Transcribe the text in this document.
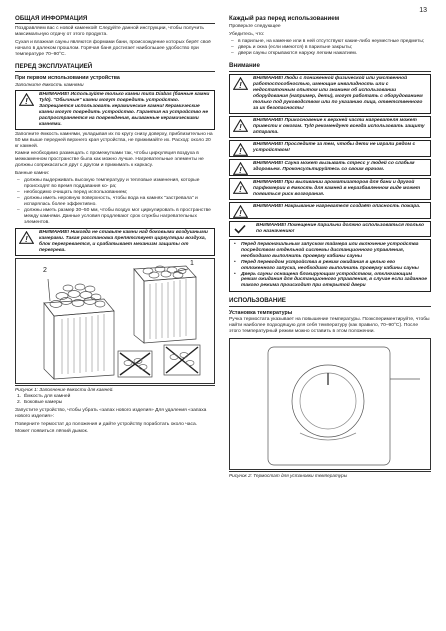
13
ОБЩАЯ ИНФОРМАЦИЯ

Поздравляем вас с новой каменкой! Следуйте данной инструкции, чтобы получить максимальную отдачу от этого продукта.

Сухая и влажная сауны являются формами бани, происхождение которых берёт своё начало в далеком прошлом. Горячая баня достигает наибольшее удобоство при температуре 70–90°C.

ПЕРЕД ЭКСПЛУАТАЦИЕЙ
При первом использовании устройства

Заполните ёмкость камнями

!
ВНИМАНИЕ! Используйте только камни типа Diabas (банные камни Tylö). "Обычные" камни могут повредить устройство. Запрещается использовать керамические камни! Керамические камни могут повредить устройство. Гарантия на устройство не распространяется на повреждения, вызванные керамическими камнями.

Заполните ёмкость камнями, укладывая их по кругу снизу доверху, приблизительно на 50 мм выше передней верхнего края устройства, не прижимайте их. Расход: около 20 кг камней.

Камни необходимо размещать с промежутками так, чтобы циркуляция воздуха в межкаменном пространстве была как можно лучше. Нагревательные элементы не должны соприкасаться друг с другом и прижимать к каркасу.

Банные камни:

– должны выдерживать высокую температуру и тепловые изменения, которые происходят во время поддавания ко- ра;
– необходимо очищать перед использованием;
– должны иметь неровную поверхность, чтобы вода на камнях "застревала" и испарялась более эффективно.
– должны иметь размер 30–50 мм, чтобы воздух мог циркулировать в пространстве между камнями. Данные условия продлевают срок службы нагревательных элементов.
!
ВНИМАНИЕ! Никогда не ставьте камни над боковыми воздушными камерами. Такая расстановка препятствует циркуляции воздуха, блок перегревается, и срабатывает механизм защиты от перегрева.
2
1
Рисунок 1: Заполнение ёмкости для камней.
1. Ёмкость для камней
2. Боковые камеры

Запустите устройство, чтобы убрать «запах нового изделия» Для удаления «запаха нового изделия»:

Поверните термостат до положения и дайте устройству поработать около часа.

Может появиться лёгкий дымок.

Каждый раз перед использованием

Проверьте следующее

Убедитесь, что:

– в парильне, на каменке или в ней отсутствуют какие-либо неуместные предметы;
– дверь и окна (если имеются) в парильне закрыты;
– двери сауны открываются наружу легким нажатием.
Внимание
!
ВНИМАНИЕ! Люди с пониженной физической или умственной работоспособностью, имеющие инвалидность или с недостаточным опытом или знанием об использовании оборудования (например, дети), могут работать с оборудованием только под руководством или по указанию лица, ответственного за их безопасность!
!
ВНИМАНИЕ! Прикосновение к верхней части нагревателя может привести к ожогам. Tylö рекомендует всегда использовать защиту аппарата.
!
ВНИМАНИЕ! Проследите за тем, чтобы дети не играли рядом с устройством!
!
ВНИМАНИЕ! Сауна может вызывать стресс у людей со слабым здоровьем. Проконсультируйтесь со своим врачом.
!
ВНИМАНИЕ! При выливании ароматизаторов для бани и другой парфюмерии в ёмкость для камней в неразбавленном виде может появиться риск возгорания.
!
ВНИМАНИЕ! Накрывание нагревателя создаёт опасность пожара.
ВНИМАНИЕ! Помещение парильни должно использоваться только по назначению!
• Перед первоначальным запуском таймера или включение устройства посредством отдельной системы дистанционного управления, необходимо выполнить проверку кабины сауны
• Перед переводом устройства в режим ожидания в целью его отложенного запуска, необходимо выполнить проверку кабины сауны
• Дверь сауны оснащена блокирующим устройством, отключающим режим ожидания для дистанционного управления, в случае если заданное такого режима происходит при открытой двери
ИСПОЛЬЗОВАНИЕ
Установка температуры

Ручка термостата указывает на повышение температуры. Поэкспериментируйте, чтобы найти наиболее подходящую для себя температуру (как правило, 70–90°C). После этого температурный режим можно оставить в этом положении.

Рисунок 2: Термостат для установки температуры
